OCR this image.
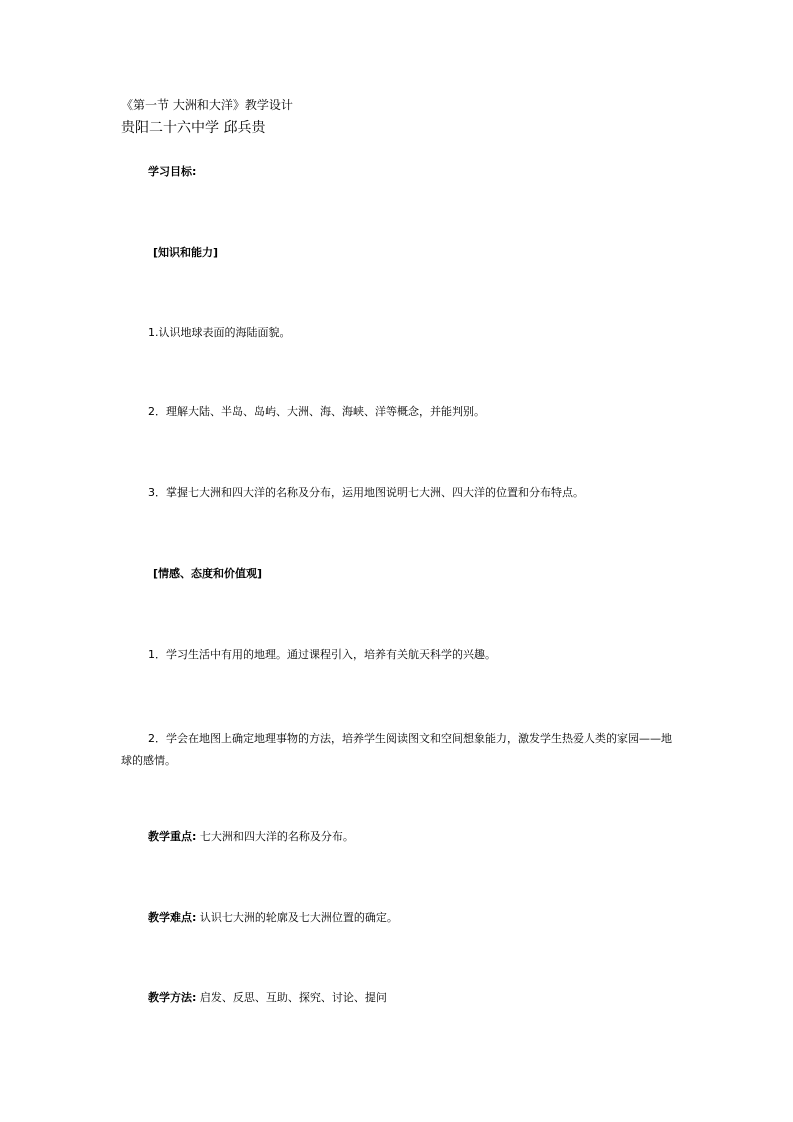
《第一节 大洲和大洋》教学设计
贵阳二十六中学 邱兵贵
学习目标:
[知识和能力]
1.认识地球表面的海陆面貌。
2．理解大陆、半岛、岛屿、大洲、海、海峡、洋等概念，并能判别。
3．掌握七大洲和四大洋的名称及分布，运用地图说明七大洲、四大洋的位置和分布特点。
[情感、态度和价值观]
1．学习生活中有用的地理。通过课程引入，培养有关航天科学的兴趣。
2．学会在地图上确定地理事物的方法，培养学生阅读图文和空间想象能力，激发学生热爱人类的家园——地球的感情。
教学重点: 七大洲和四大洋的名称及分布。
教学难点: 认识七大洲的轮廓及七大洲位置的确定。
教学方法: 启发、反思、互助、探究、讨论、提问
